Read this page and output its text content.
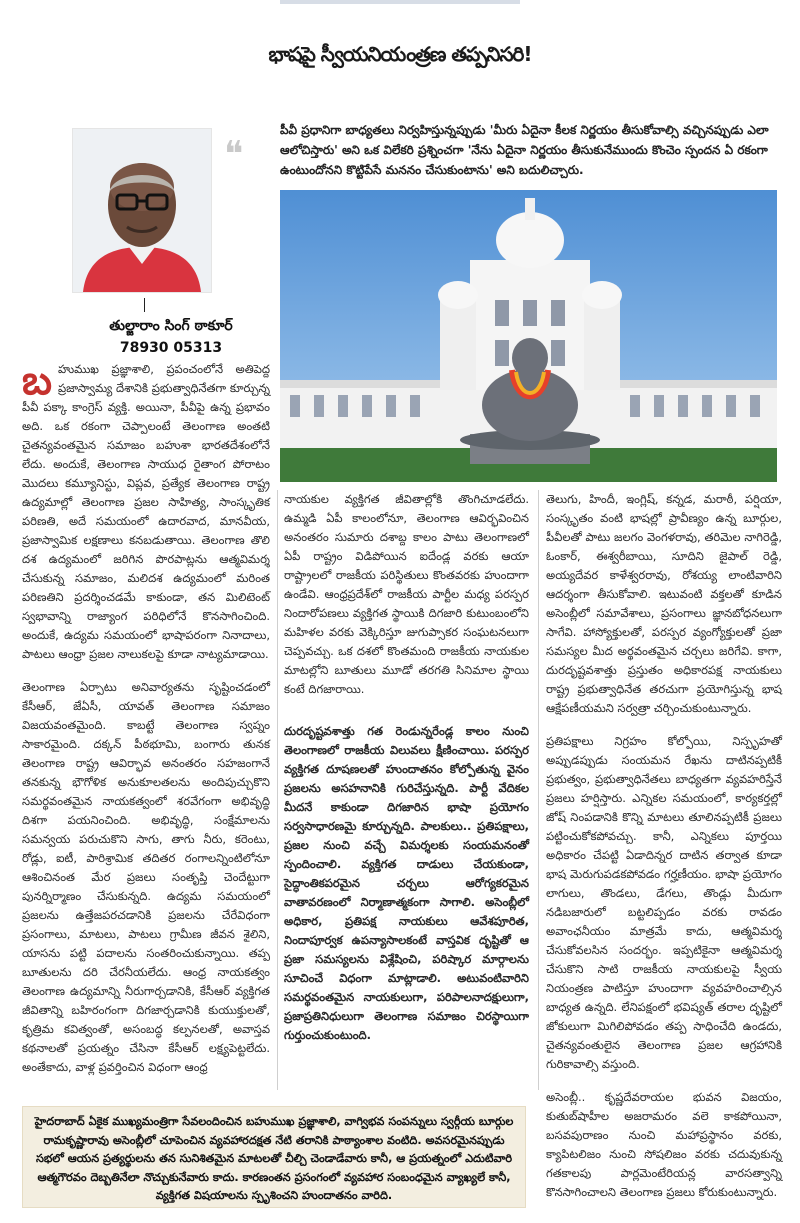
భాషపై స్వీయనియంత్రణ తప్పనిసరి!
తుల్జారాం సింగ్ ఠాకూర్
78930 05313
❝
పీవీ ప్రధానిగా బాధ్యతలు నిర్వహిస్తున్నప్పుడు 'మీరు ఏదైనా కీలక నిర్ణయం తీసుకోవాల్సి వచ్చినప్పుడు ఎలా ఆలోచిస్తారు' అని ఒక విలేకరి ప్రశ్నించగా 'నేను ఏదైనా నిర్ణయం తీసుకునేముందు కొంచెం స్పందన ఏ రకంగా ఉంటుందోనని కొట్టిపేసే మననం చేసుకుంటాను' అని బదులిచ్చారు.

బహుముఖ ప్రజ్ఞాశాలి, ప్రపంచంలోనే అతిపెద్ద ప్రజాస్వామ్య దేశానికి ప్రభుత్వాధినేతగా కూర్చున్న పీవీ పక్కా కాంగ్రెస్ వ్యక్తి. అయినా, పీవీపై ఉన్న ప్రభావం అది. ఒక రకంగా చెప్పాలంటే తెలంగాణ అంతటి చైతన్యవంతమైన సమాజం బహుశా భారతదేశంలోనే లేదు. అందుకే, తెలంగాణ సాయుధ రైతాంగ పోరాటం మొదలు కమ్యూనిస్టు, విప్లవ, ప్రత్యేక తెలంగాణ రాష్ట్ర ఉద్యమాల్లో తెలంగాణ ప్రజల సాహిత్య, సాంస్కృతిక పరిణతి, అదే సమయంలో ఉదారవాద, మానవీయ, ప్రజాస్వామిక లక్షణాలు కనబడుతాయి. తెలంగాణ తొలి దశ ఉద్యమంలో జరిగిన పొరపాట్లను ఆత్మవిమర్శ చేసుకున్న సమాజం, మలిదశ ఉద్యమంలో మరింత పరిణతిని ప్రదర్శించడమే కాకుండా, తన మిలిటెంట్ స్వభావాన్ని రాజ్యాంగ పరిధిలోనే కొనసాగించింది. అందుకే, ఉద్యమ సమయంలో భాషాపరంగా నినాదాలు, పాటలు ఆంధ్రా ప్రజల నాలుకలపై కూడా నాట్యమాడాయి.

తెలంగాణ ఏర్పాటు అనివార్యతను సృష్టించడంలో కేసీఆర్, జేఏసీ, యావత్ తెలంగాణ సమాజం విజయవంతమైంది. కాబట్టే తెలంగాణ స్వప్నం సాకారమైంది. దక్కన్ పీఠభూమి, బంగారు తునక తెలంగాణ రాష్ట్ర ఆవిర్భావ అనంతరం సహజంగానే తనకున్న భౌగోళిక అనుకూలతలను అందిపుచ్చుకొని సమర్థవంతమైన నాయకత్వంలో శరవేగంగా అభివృద్ధి దిశగా పయనించింది. అభివృద్ధి, సంక్షేమాలను సమన్వయ పరుచుకొని సాగు, తాగు నీరు, కరెంటు, రోడ్లు, ఐటీ, పారిశ్రామిక తదితర రంగాలన్నింటిలోనూ ఆశించినంత మేర ప్రజలు సంతృప్తి చెందేట్టుగా పునర్నిర్మాణం చేసుకున్నది. ఉద్యమ సమయంలో ప్రజలను ఉత్తేజపరచడానికి ప్రజలను చేరేవిధంగా ప్రసంగాలు, మాటలు, పాటలు గ్రామీణ జీవన శైలిని, యాసను పట్టి పదాలను సంతరించుకున్నాయి. తప్ప బూతులను దరి చేరనీయలేదు. ఆంధ్ర నాయకత్వం తెలంగాణ ఉద్యమాన్ని నీరుగార్చడానికి, కేసీఆర్ వ్యక్తిగత జీవితాన్ని బహిరంగంగా దిగజార్చడానికి కుయుక్తులతో, కృత్రిమ కవిత్వంతో, అసంబద్ధ కల్పనలతో, అవాస్తవ కథనాలతో ప్రయత్నం చేసినా కేసీఆర్ లక్ష్యపెట్టలేదు. అంతేకాదు, వాళ్ల ప్రవర్తించిన విధంగా ఆంధ్ర

నాయకుల వ్యక్తిగత జీవితాల్లోకి తొంగిచూడలేదు. ఉమ్మడి ఏపీ కాలంలోనూ, తెలంగాణ ఆవిర్భవించిన అనంతరం సుమారు దశాబ్ద కాలం పాటు తెలంగాణలో ఏపీ రాష్ట్రం విడిపోయిన ఐదేండ్ల వరకు ఆయా రాష్ట్రాలలో రాజకీయ పరిస్థితులు కొంతవరకు హుందాగా ఉండేవి. ఆంధ్రప్రదేశ్‌లో రాజకీయ పార్టీల మధ్య పరస్పర నిందారోపణలు వ్యక్తిగత స్థాయికి దిగజారి కుటుంబంలోని మహిళల వరకు వెక్కిరిస్తూ జుగుప్సాకర సంఘటనలుగా చెప్పవచ్చు. ఒక దశలో కొంతమంది రాజకీయ నాయకుల మాటల్లోని బూతులు మూడో తరగతి సినిమాల స్థాయి కంటే దిగజారాయి.

దురదృష్టవశాత్తు గత రెండున్నరేండ్ల కాలం నుంచి తెలంగాణలో రాజకీయ విలువలు క్షీణించాయి. పరస్పర వ్యక్తిగత దూషణలతో హుందాతనం కోల్పోతున్న వైనం ప్రజలను అసహనానికి గురిచేస్తున్నది. పార్టీ వేదికల మీదనే కాకుండా దిగజారిన భాషా ప్రయోగం సర్వసాధారణమై కూర్చున్నది. పాలకులు.. ప్రతిపక్షాలు, ప్రజల నుంచి వచ్చే విమర్శలకు సంయమనంతో స్పందించాలి. వ్యక్తిగత దాడులు చేయకుండా, సైద్ధాంతికపరమైన చర్చలు ఆరోగ్యకరమైన వాతావరణంలో నిర్మాణాత్మకంగా సాగాలి. అసెంబ్లీలో అధికార, ప్రతిపక్ష నాయకులు ఆవేశపూరిత, నిందాపూర్వక ఉపన్యాసాలకంటే వాస్తవిక దృష్టితో ఆ ప్రజా సమస్యలను విశ్లేషించి, పరిష్కార మార్గాలను సూచించే విధంగా మాట్లాడాలి. అటువంటివారిని సమర్థవంతమైన నాయకులుగా, పరిపాలనాదక్షులుగా, ప్రజాప్రతినిధులుగా తెలంగాణ సమాజం చిరస్థాయిగా గుర్తుంచుకుంటుంది.

తెలుగు, హిందీ, ఇంగ్లిష్, కన్నడ, మరాఠీ, పర్షియా, సంస్కృతం వంటి భాషల్లో ప్రావీణ్యం ఉన్న బూర్గుల, పీవీలతో పాటు జలగం వెంగళరావు, తరిమెల నాగిరెడ్డి, ఓంకార్, ఈశ్వరీబాయి, సూదిని జైపాల్ రెడ్డి, అయ్యదేవర కాళేశ్వరరావు, రోశయ్య లాంటివారిని ఆదర్శంగా తీసుకోవాలి. ఇటువంటి వక్తలతో కూడిన అసెంబ్లీలో సమావేశాలు, ప్రసంగాలు జ్ఞానబోధనలుగా సాగేవి. హాస్యోక్తులతో, పరస్పర వ్యంగ్యోక్తులతో ప్రజా సమస్యల మీద అర్థవంతమైన చర్చలు జరిగేవి. కాగా, దురదృష్టవశాత్తు ప్రస్తుతం అధికారపక్ష నాయకులు రాష్ట్ర ప్రభుత్వాధినేత తరచుగా ప్రయోగిస్తున్న భాష ఆక్షేపణీయమని సర్వత్రా చర్చించుకుంటున్నారు.

ప్రతిపక్షాలు నిగ్రహం కోల్పోయి, నిస్పృహతో అప్పుడప్పుడు సంయమన రేఖను దాటినప్పటికీ ప్రభుత్వం, ప్రభుత్వాధినేతలు బాధ్యతగా వ్యవహరిస్తేనే ప్రజలు హర్షిస్తారు. ఎన్నికల సమయంలో, కార్యకర్తల్లో జోష్ నింపడానికి కొన్ని మాటలు తూలినప్పటికీ ప్రజలు పట్టించుకోకపోవచ్చు. కానీ, ఎన్నికలు పూర్తయి అధికారం చేపట్టి ఏడాదిన్నర దాటిన తర్వాత కూడా భాష మెరుగుపడకపోవడం గర్హణీయం. భాషా ప్రయోగం లాగులు, తొండలు, డేగలు, తొండ్లు మీదుగా నడిబజారులో బట్టలిప్పడం వరకు రావడం అవాంఛనీయం మాత్రమే కాదు, ఆత్మవిమర్శ చేసుకోవలసిన సందర్భం. ఇప్పటికైనా ఆత్మవిమర్శ చేసుకొని సాటి రాజకీయ నాయకులపై స్వీయ నియంత్రణ పాటిస్తూ హుందాగా వ్యవహరించాల్సిన బాధ్యత ఉన్నది. లేనిపక్షంలో భవిష్యత్ తరాల దృష్టిలో జోకులుగా మిగిలిపోవడం తప్ప సాధించేది ఉండదు, చైతన్యవంతులైన తెలంగాణ ప్రజల ఆగ్రహానికి గురికావాల్సి వస్తుంది.

అసెంబ్లీ.. కృష్ణదేవరాయల భువన విజయం, కుతుబ్‌షాహీల అజరామరం వలె కాకపోయినా, బసవపురాణం నుంచి మహాప్రస్థానం వరకు, క్యాపిటలిజం నుంచి సోషలిజం వరకు చదువుకున్న గతకాలపు పార్లమెంటేరియన్ల వారసత్వాన్ని కొనసాగించాలని తెలంగాణ ప్రజలు కోరుకుంటున్నారు.

హైదరాబాద్ ఏకైక ముఖ్యమంత్రిగా సేవలందించిన బహుముఖ ప్రజ్ఞాశాలి, వాగ్విభవ సంపన్నులు స్వర్గీయ బూర్గుల రామకృష్ణారావు అసెంబ్లీలో చూపెంచిన వ్యవహారదక్షత నేటి తరానికి పాఠ్యాంశాల వంటిది. అవసరమైనప్పుడు సభలో ఆయన ప్రత్యర్థులను తన సునిశితమైన మాటలతో చీల్చి చెండాడేవారు కానీ, ఆ ప్రయత్నంలో ఎదుటివారి ఆత్మగౌరవం దెబ్బతినేలా నొచ్చుకునేవారు కాదు. కారణంతన ప్రసంగంలో వ్యవహార సంబంధమైన వ్యాఖ్యలే కానీ, వ్యక్తిగత విషయాలను స్పృశించని హుందాతనం వారిది.
